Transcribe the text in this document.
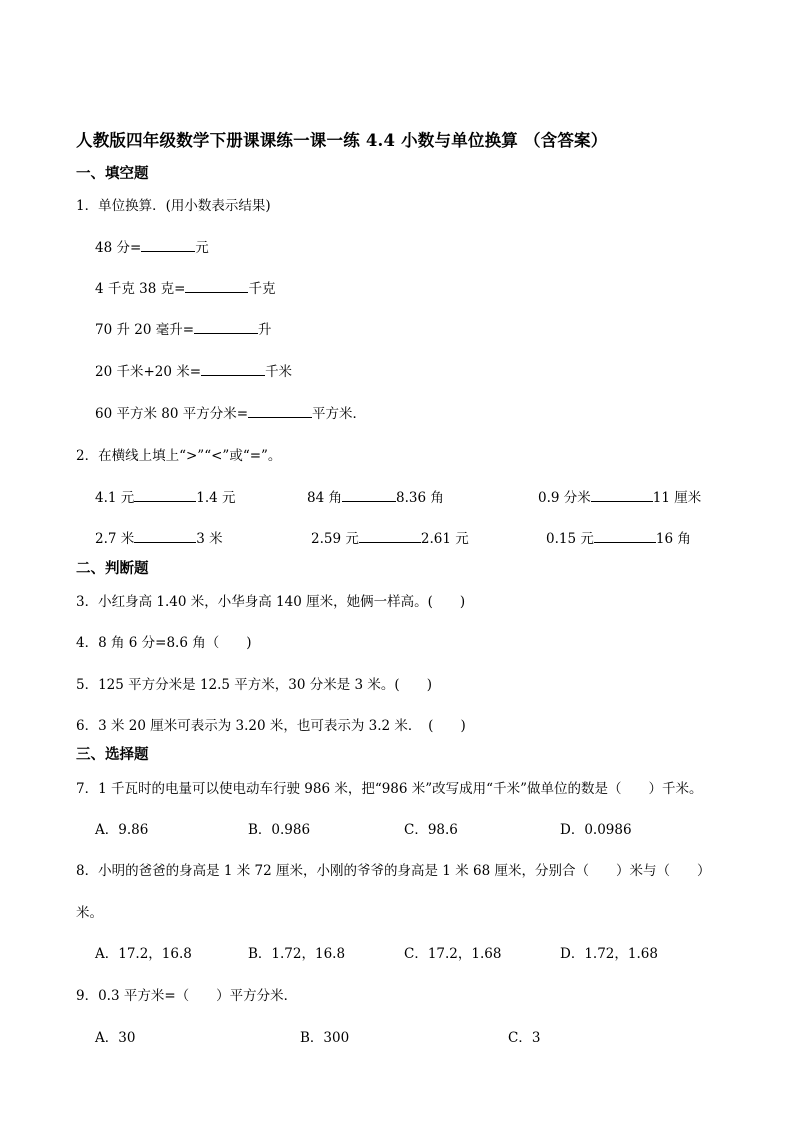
人教版四年级数学下册课课练一课一练 4.4 小数与单位换算 （含答案）
一、填空题
1．单位换算．(用小数表示结果)
48 分=	元
4 千克 38 克=	千克
70 升 20 毫升=	升
20 千米+20 米=	千米
60 平方米 80 平方分米=	平方米．
2．在横线上填上“>”“<”或“=”。
4.1 元	1.4 元	84 角	8.36 角	0.9 分米	11 厘米
2.7 米	3 米	2.59 元	2.61 元	0.15 元	16 角
二、判断题
3．小红身高 1.40 米，小华身高 140 厘米，她俩一样高。(　　)
4．8 角 6 分=8.6 角（　　)
5．125 平方分米是 12.5 平方米，30 分米是 3 米。(　　)
6．3 米 20 厘米可表示为 3.20 米，也可表示为 3.2 米．　(　　)
三、选择题
7．1 千瓦时的电量可以使电动车行驶 986 米，把“986 米”改写成用“千米”做单位的数是（　　）千米。
A．9.86	B．0.986	C．98.6	D．0.0986
8．小明的爸爸的身高是 1 米 72 厘米，小刚的爷爷的身高是 1 米 68 厘米，分别合（　　）米与（　　）
米。
A．17.2，16.8	B．1.72，16.8	C．17.2，1.68	D．1.72，1.68
9．0.3 平方米=（　　）平方分米．
A．30	B．300	C．3
